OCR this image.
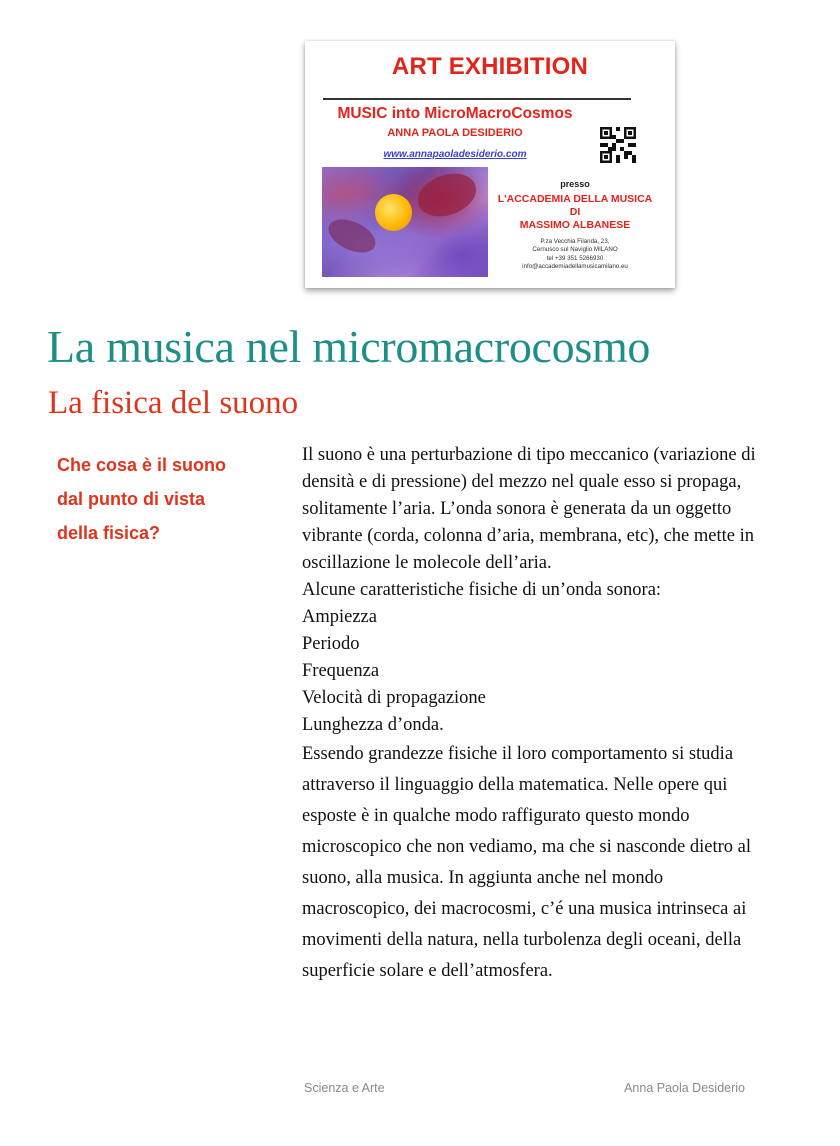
ART EXHIBITION
MUSIC into MicroMacroCosmos
ANNA PAOLA DESIDERIO
www.annapaoladesiderio.com
presso
L'ACCADEMIA DELLA MUSICA
DI
MASSIMO ALBANESE
P.za Vecchia Filanda, 23,
Cernusco sul Naviglio MILANO
tel +39 351 5266930
info@accademiadellamusicamilano.eu
La musica nel micromacrocosmo
La fisica del suono
Che cosa è il suono
dal punto di vista
della fisica?

Il suono è una perturbazione di tipo meccanico (variazione di densità e di pressione) del mezzo nel quale esso si propaga, solitamente l’aria. L’onda sonora è generata da un oggetto vibrante (corda, colonna d’aria, membrana, etc), che mette in oscillazione le molecole dell’aria.

Alcune caratteristiche fisiche di un’onda sonora:
Ampiezza
Periodo
Frequenza
Velocità di propagazione
Lunghezza d’onda.

Essendo grandezze fisiche il loro comportamento si studia attraverso il linguaggio della matematica. Nelle opere qui esposte è in qualche modo raffigurato questo mondo microscopico che non vediamo, ma che si nasconde dietro al suono, alla musica. In aggiunta anche nel mondo macroscopico, dei macrocosmi, c’é una musica intrinseca ai movimenti della natura, nella turbolenza degli oceani, della superficie solare e dell’atmosfera.

Scienza e Arte	Anna Paola Desiderio
